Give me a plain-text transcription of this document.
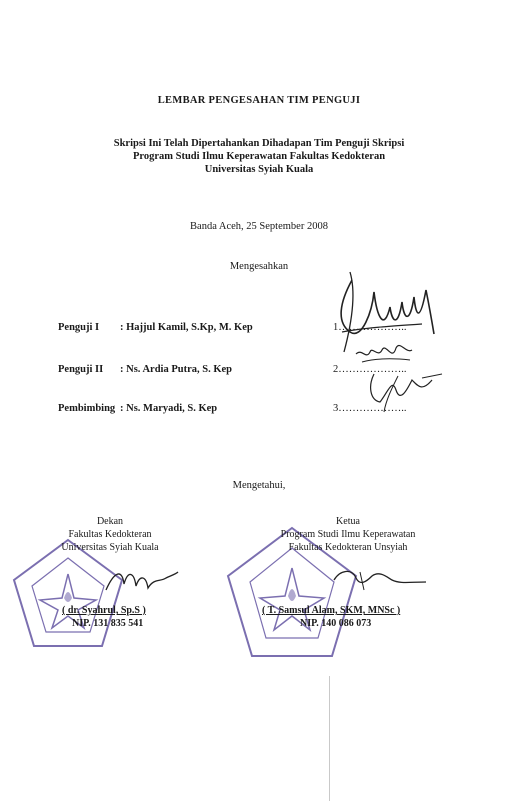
LEMBAR PENGESAHAN TIM PENGUJI
Skripsi Ini Telah Dipertahankan Dihadapan Tim Penguji Skripsi
Program Studi Ilmu Keperawatan Fakultas Kedokteran
Universitas Syiah Kuala
Banda Aceh, 25 September 2008
Mengesahkan
Penguji I : Hajjul Kamil, S.Kp, M. Kep	1………………..
Penguji II : Ns. Ardia Putra, S. Kep	2………………..
Pembimbing : Ns. Maryadi, S. Kep	3………………..
Mengetahui,
Dekan
Fakultas Kedokteran
Universitas Syiah Kuala
( dr. Syahrul, Sp.S )
NIP. 131 835 541
Ketua
Program Studi Ilmu Keperawatan
Fakultas Kedokteran Unsyiah
( T. Samsul Alam, SKM, MNSc )
NIP. 140 086 073
